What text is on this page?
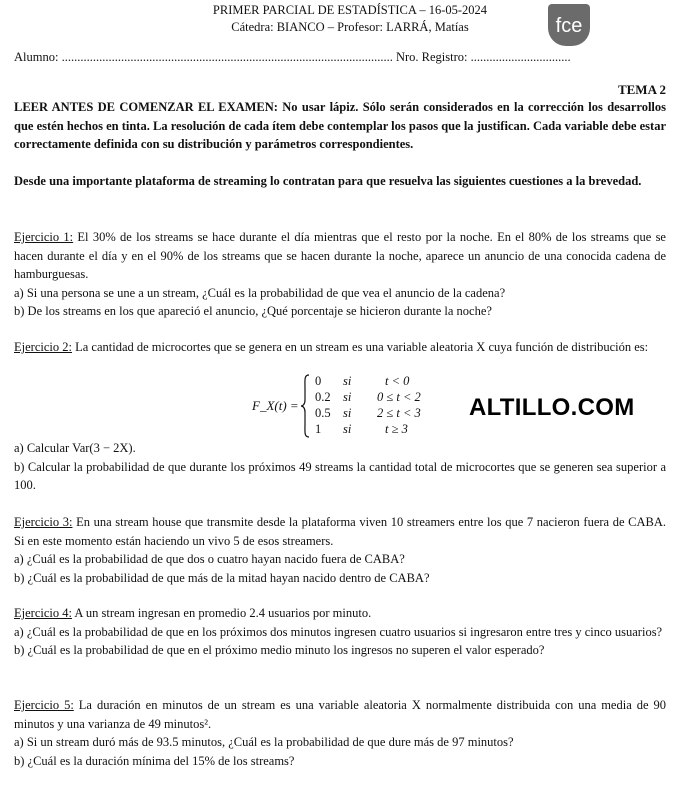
PRIMER PARCIAL DE ESTADÍSTICA – 16-05-2024
Cátedra: BIANCO – Profesor: LARRÁ, Matías
	fce
Alumno: .......................................................................................................... Nro. Registro: ................................
TEMA 2

LEER ANTES DE COMENZAR EL EXAMEN: No usar lápiz. Sólo serán considerados en la corrección los desarrollos que estén hechos en tinta. La resolución de cada ítem debe contemplar los pasos que la justifican. Cada variable debe estar correctamente definida con su distribución y parámetros correspondientes.

Desde una importante plataforma de streaming lo contratan para que resuelva las siguientes cuestiones a la brevedad.

Ejercicio 1: El 30% de los streams se hace durante el día mientras que el resto por la noche. En el 80% de los streams que se hacen durante el día y en el 90% de los streams que se hacen durante la noche, aparece un anuncio de una conocida cadena de hamburguesas.

a) Si una persona se une a un stream, ¿Cuál es la probabilidad de que vea el anuncio de la cadena?

b) De los streams en los que apareció el anuncio, ¿Qué porcentaje se hicieron durante la noche?

Ejercicio 2: La cantidad de microcortes que se genera en un stream es una variable aleatoria X cuya función de distribución es:

F_X(t) =
0 si	t < 0
0.2 si 0 ≤ t < 2
0.5 si 2 ≤ t < 3
1 si	t ≥ 3
ALTILLO.COM

a) Calcular Var(3 − 2X).

b) Calcular la probabilidad de que durante los próximos 49 streams la cantidad total de microcortes que se generen sea superior a 100.

Ejercicio 3: En una stream house que transmite desde la plataforma viven 10 streamers entre los que 7 nacieron fuera de CABA. Si en este momento están haciendo un vivo 5 de esos streamers.

a) ¿Cuál es la probabilidad de que dos o cuatro hayan nacido fuera de CABA?

b) ¿Cuál es la probabilidad de que más de la mitad hayan nacido dentro de CABA?

Ejercicio 4: A un stream ingresan en promedio 2.4 usuarios por minuto.

a) ¿Cuál es la probabilidad de que en los próximos dos minutos ingresen cuatro usuarios si ingresaron entre tres y cinco usuarios?

b) ¿Cuál es la probabilidad de que en el próximo medio minuto los ingresos no superen el valor esperado?

Ejercicio 5: La duración en minutos de un stream es una variable aleatoria X normalmente distribuida con una media de 90 minutos y una varianza de 49 minutos².

a) Si un stream duró más de 93.5 minutos, ¿Cuál es la probabilidad de que dure más de 97 minutos?

b) ¿Cuál es la duración mínima del 15% de los streams?
